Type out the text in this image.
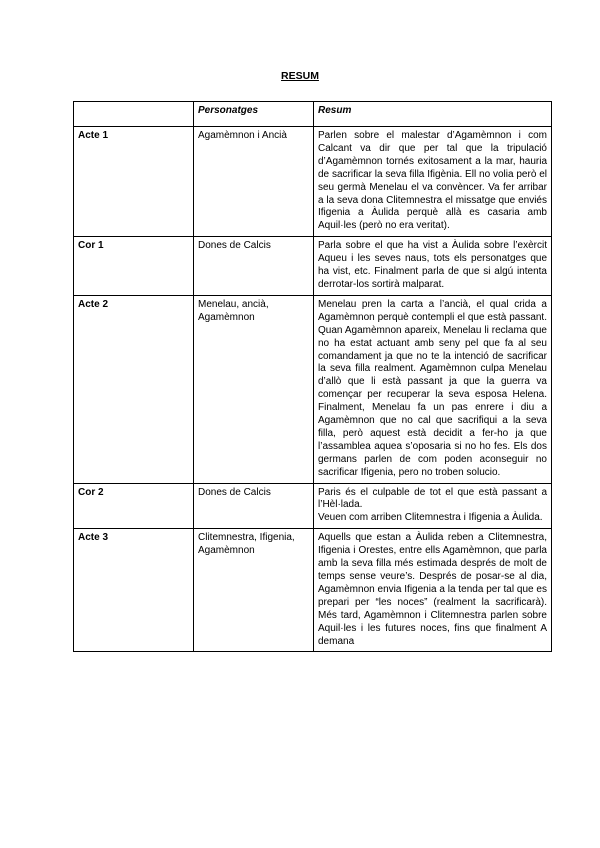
RESUM
	Personatges	Resum
Acte 1	Agamèmnon i Ancià	Parlen sobre el malestar d’Agamèmnon i com Calcant va dir que per tal que la tripulació d’Agamèmnon tornés exitosament a la mar, hauria de sacrificar la seva filla Ifigènia. Ell no volia però el seu germà Menelau el va convèncer. Va fer arribar a la seva dona Clitemnestra el missatge que enviés Ifigenia a Àulida perquè allà es casaria amb Aquil·les (però no era veritat).

Cor 1	Dones de Calcis	Parla sobre el que ha vist a Àulida sobre l’exèrcit Aqueu i les seves naus, tots els personatges que ha vist, etc. Finalment parla de que si algú intenta derrotar-los sortirà malparat.

Acte 2	Menelau, ancià, Agamèmnon	Menelau pren la carta a l’ancià, el qual crida a Agamèmnon perquè contempli el que està passant. Quan Agamèmnon apareix, Menelau li reclama que no ha estat actuant amb seny pel que fa al seu comandament ja que no te la intenció de sacrificar la seva filla realment. Agamèmnon culpa Menelau d’allò que li està passant ja que la guerra va començar per recuperar la seva esposa Helena. Finalment, Menelau fa un pas enrere i diu a Agamèmnon que no cal que sacrifiqui a la seva filla, però aquest està decidit a fer-ho ja que l’assamblea aquea s’oposaria si no ho fes. Els dos germans parlen de com poden aconseguir no sacrificar Ifigenia, pero no troben solucio.

Cor 2	Dones de Calcis	Paris és el culpable de tot el que està passant a l’Hèl·lada.
Veuen com arriben Clitemnestra i Ifigenia a Àulida.

Acte 3	Clitemnestra, Ifigenia, Agamèmnon	Aquells que estan a Àulida reben a Clitemnestra, Ifigenia i Orestes, entre ells Agamèmnon, que parla amb la seva filla més estimada després de molt de temps sense veure’s. Després de posar-se al dia, Agamèmnon envia Ifigenia a la tenda per tal que es prepari per “les noces” (realment la sacrificarà). Més tard, Agamèmnon i Clitemnestra parlen sobre Aquil·les i les futures noces, fins que finalment A demana
